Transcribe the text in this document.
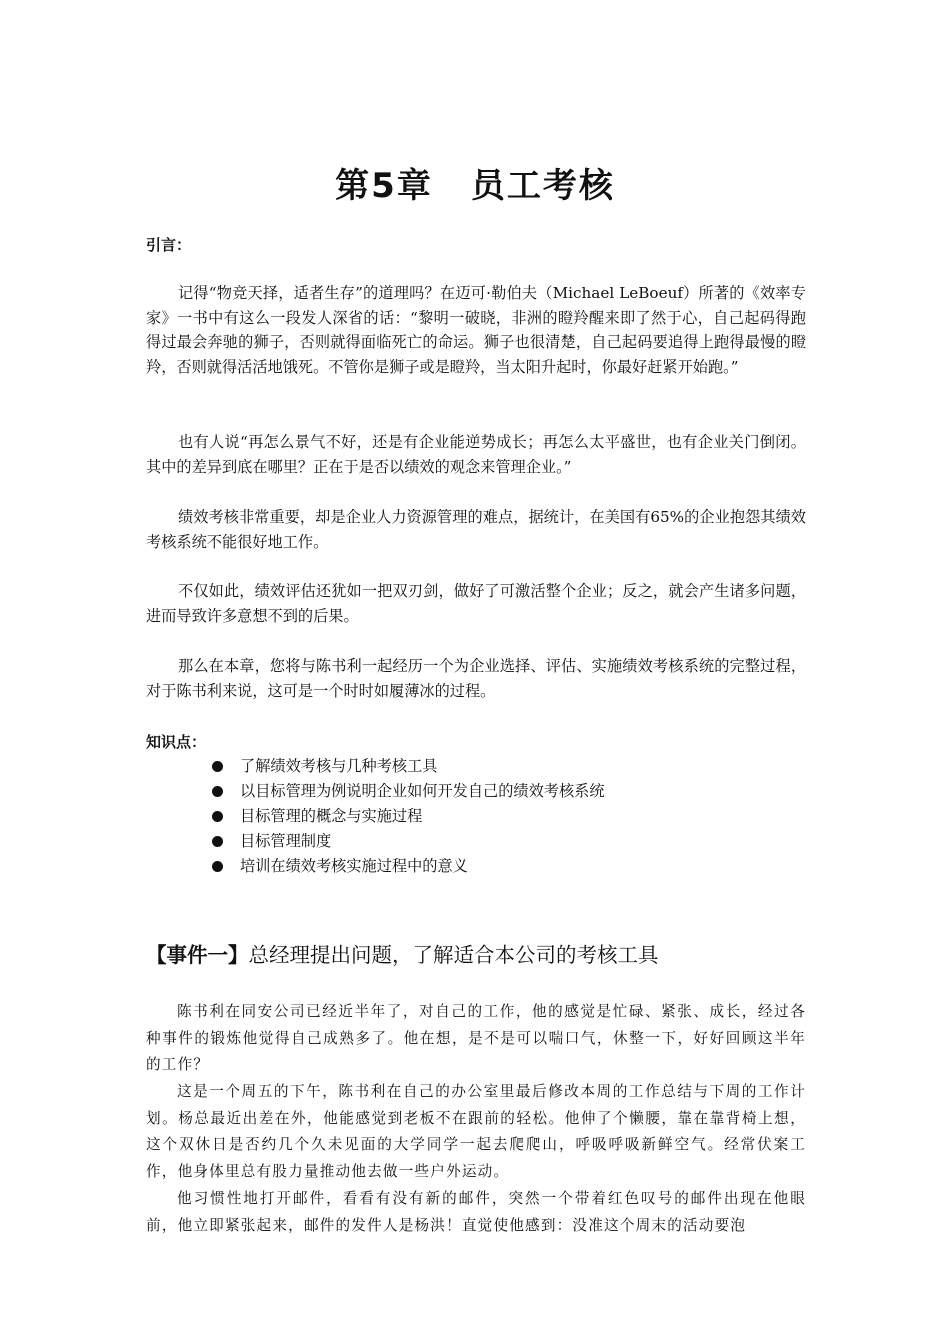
第5章 员工考核
引言：

记得“物竞天择，适者生存”的道理吗？在迈可·勒伯夫（Michael LeBoeuf）所著的《效率专家》一书中有这么一段发人深省的话：“黎明一破晓，非洲的瞪羚醒来即了然于心，自己起码得跑得过最会奔驰的狮子，否则就得面临死亡的命运。狮子也很清楚，自己起码要追得上跑得最慢的瞪羚，否则就得活活地饿死。不管你是狮子或是瞪羚，当太阳升起时，你最好赶紧开始跑。”

也有人说“再怎么景气不好，还是有企业能逆势成长；再怎么太平盛世，也有企业关门倒闭。其中的差异到底在哪里？正在于是否以绩效的观念来管理企业。”

绩效考核非常重要，却是企业人力资源管理的难点，据统计，在美国有65%的企业抱怨其绩效考核系统不能很好地工作。

不仅如此，绩效评估还犹如一把双刃剑，做好了可激活整个企业；反之，就会产生诸多问题，进而导致许多意想不到的后果。

那么在本章，您将与陈书利一起经历一个为企业选择、评估、实施绩效考核系统的完整过程，对于陈书利来说，这可是一个时时如履薄冰的过程。

知识点：
了解绩效考核与几种考核工具
以目标管理为例说明企业如何开发自己的绩效考核系统
目标管理的概念与实施过程
目标管理制度
培训在绩效考核实施过程中的意义
【事件一】总经理提出问题，了解适合本公司的考核工具

陈书利在同安公司已经近半年了，对自己的工作，他的感觉是忙碌、紧张、成长，经过各种事件的锻炼他觉得自己成熟多了。他在想，是不是可以喘口气，休整一下，好好回顾这半年的工作？

这是一个周五的下午，陈书利在自己的办公室里最后修改本周的工作总结与下周的工作计划。杨总最近出差在外，他能感觉到老板不在跟前的轻松。他伸了个懒腰，靠在靠背椅上想，这个双休日是否约几个久未见面的大学同学一起去爬爬山，呼吸呼吸新鲜空气。经常伏案工作，他身体里总有股力量推动他去做一些户外运动。

他习惯性地打开邮件，看看有没有新的邮件，突然一个带着红色叹号的邮件出现在他眼前，他立即紧张起来，邮件的发件人是杨洪！直觉使他感到：没准这个周末的活动要泡
